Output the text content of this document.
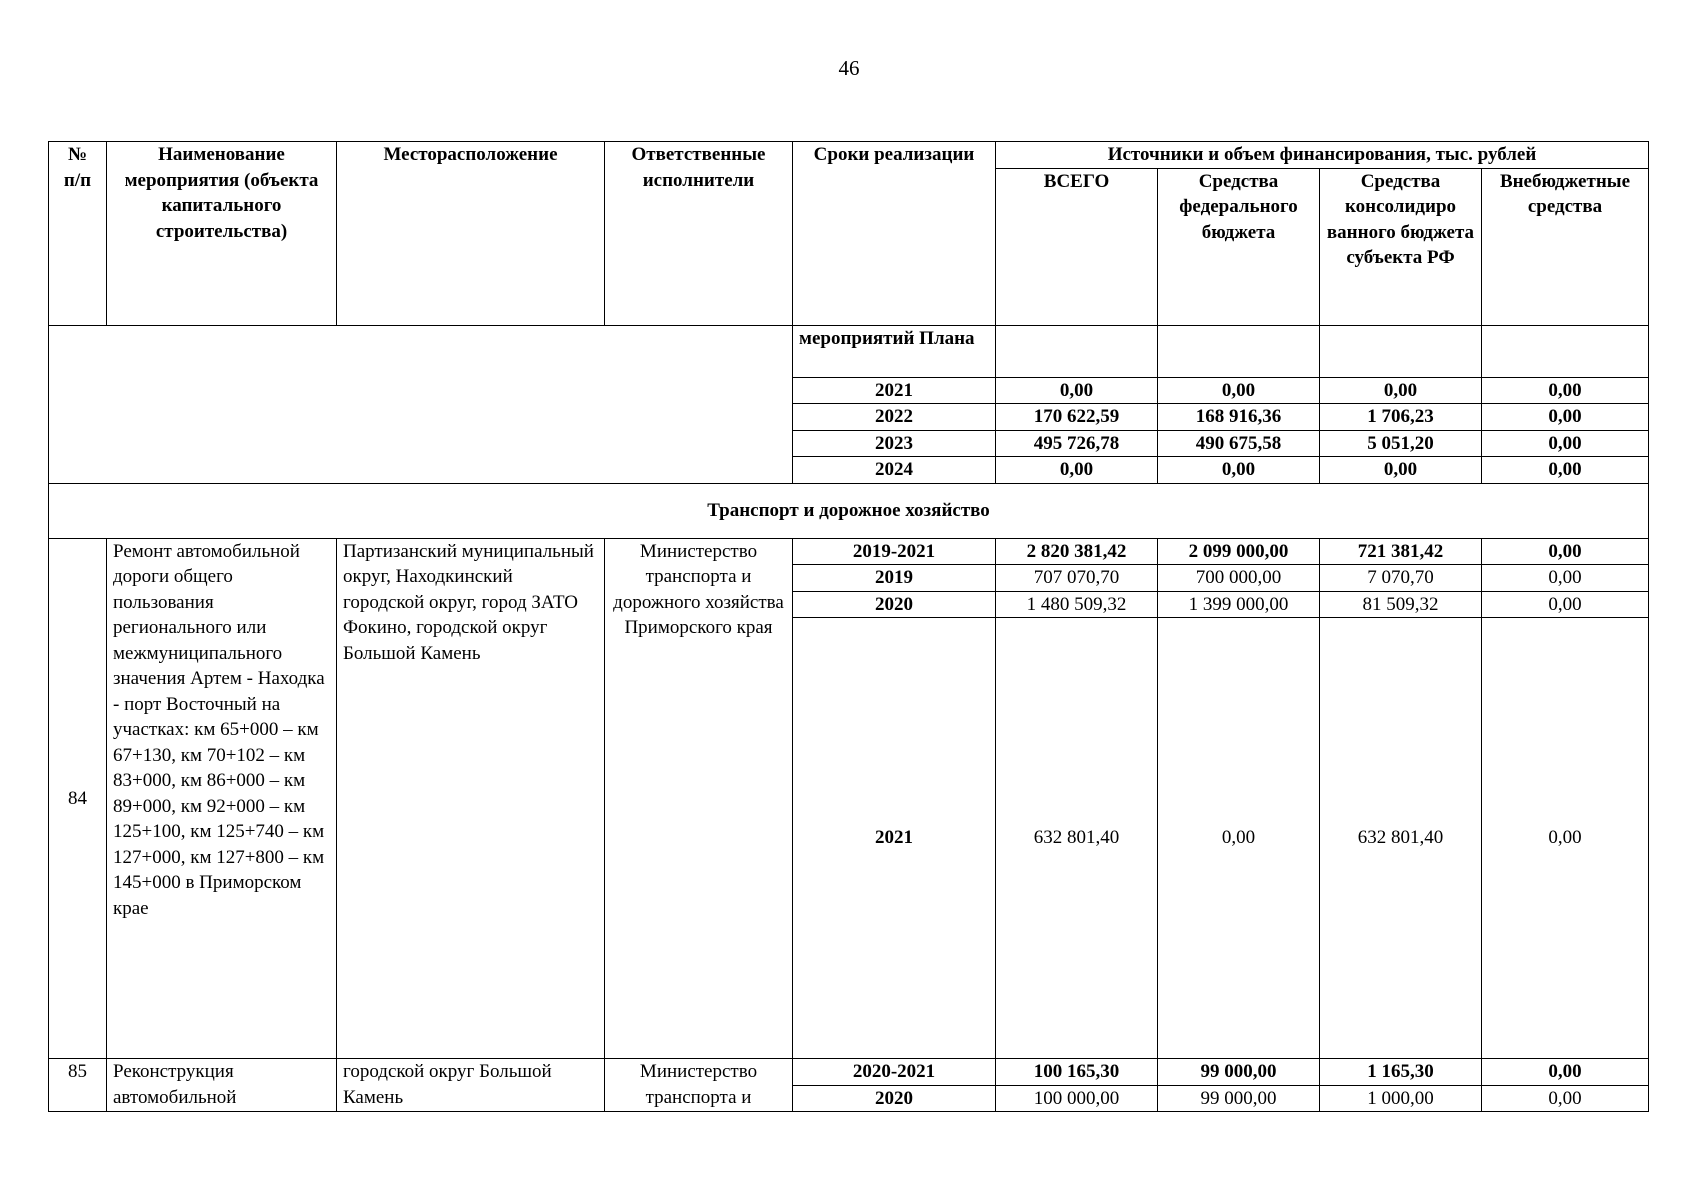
46
№
п/п	Наименование мероприятия (объекта капитального строительства)	Месторасположение	Ответственные исполнители	Сроки реализации	Источники и объем финансирования, тыс. рублей			
					ВСЕГО	Средства федерального бюджета	Средства консолидиро ванного бюджета субъекта РФ	Внебюджетные средства
				мероприятий Плана				
				2021	0,00	0,00	0,00	0,00
				2022	170 622,59	168 916,36	1 706,23	0,00
				2023	495 726,78	490 675,58	5 051,20	0,00
				2024	0,00	0,00	0,00	0,00
Транспорт и дорожное хозяйство								
84	Ремонт автомобильной дороги общего пользования регионального или межмуниципального значения Артем - Находка - порт Восточный на участках: км 65+000 – км 67+130, км 70+102 – км 83+000, км 86+000 – км 89+000, км 92+000 – км 125+100, км 125+740 – км 127+000, км 127+800 – км 145+000 в Приморском крае	Партизанский муниципальный округ, Находкинский городской округ, город ЗАТО Фокино, городской округ Большой Камень	Министерство транспорта и дорожного хозяйства Приморского края	2019-2021	2 820 381,42	2 099 000,00	721 381,42	0,00
				2019	707 070,70	700 000,00	7 070,70	0,00
				2020	1 480 509,32	1 399 000,00	81 509,32	0,00
				2021	632 801,40	0,00	632 801,40	0,00
85	Реконструкция автомобильной	городской округ Большой Камень	Министерство транспорта и	2020-2021	100 165,30	99 000,00	1 165,30	0,00
				2020	100 000,00	99 000,00	1 000,00	0,00
